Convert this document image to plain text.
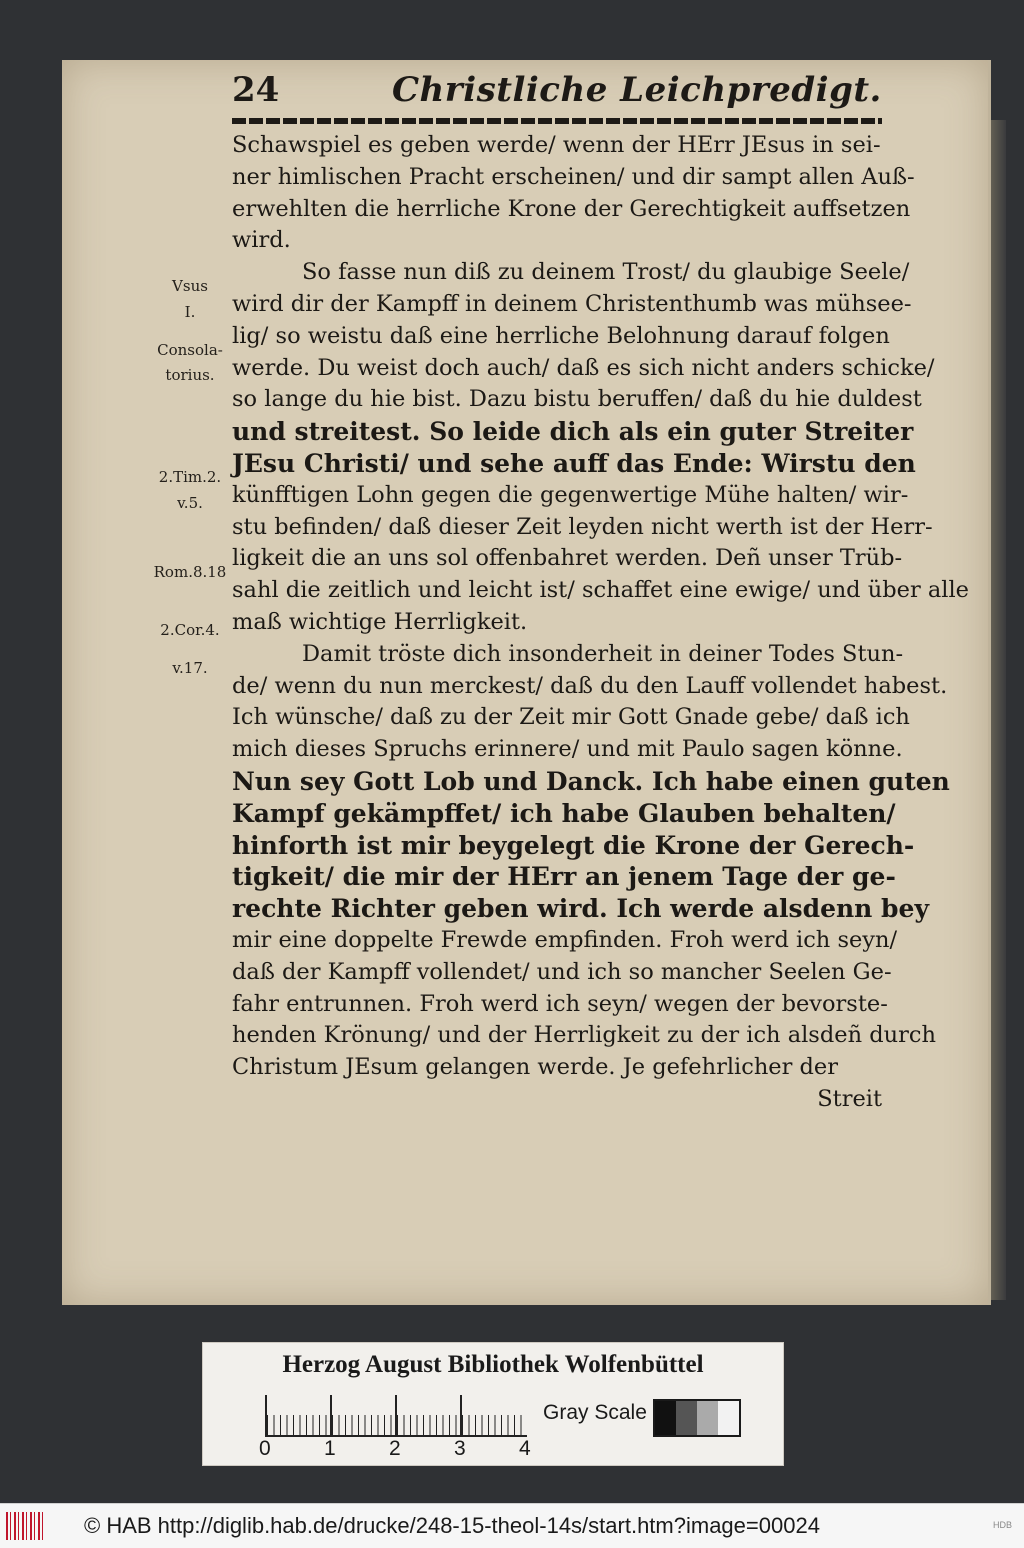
24	Christliche Leichpredigt.
Schawspiel es geben werde/ wenn der HErr JEsus in sei-
ner himlischen Pracht erscheinen/ und dir sampt allen Auß-
erwehlten die herrliche Krone der Gerechtigkeit auffsetzen
wird.
So fasse nun diß zu deinem Trost/ du glaubige Seele/
wird dir der Kampff in deinem Christenthumb was mühsee-
lig/ so weistu daß eine herrliche Belohnung darauf folgen
werde. Du weist doch auch/ daß es sich nicht anders schicke/
so lange du hie bist. Dazu bistu beruffen/ daß du hie duldest
und streitest. So leide dich als ein guter Streiter
JEsu Christi/ und sehe auff das Ende: Wirstu den
künfftigen Lohn gegen die gegenwertige Mühe halten/ wir-
stu befinden/ daß dieser Zeit leyden nicht werth ist der Herr-
ligkeit die an uns sol offenbahret werden. Deñ unser Trüb-
sahl die zeitlich und leicht ist/ schaffet eine ewige/ und über alle
maß wichtige Herrligkeit.
Damit tröste dich insonderheit in deiner Todes Stun-
de/ wenn du nun merckest/ daß du den Lauff vollendet habest.
Ich wünsche/ daß zu der Zeit mir Gott Gnade gebe/ daß ich
mich dieses Spruchs erinnere/ und mit Paulo sagen könne.
Nun sey Gott Lob und Danck. Ich habe einen guten
Kampf gekämpffet/ ich habe Glauben behalten/
hinforth ist mir beygelegt die Krone der Gerech-
tigkeit/ die mir der HErr an jenem Tage der ge-
rechte Richter geben wird. Ich werde alsdenn bey
mir eine doppelte Frewde empfinden. Froh werd ich seyn/
daß der Kampff vollendet/ und ich so mancher Seelen Ge-
fahr entrunnen. Froh werd ich seyn/ wegen der bevorste-
henden Krönung/ und der Herrligkeit zu der ich alsdeñ durch
Christum JEsum gelangen werde. Je gefehrlicher der
Streit
Vsus
I.
Consola-
torius.
2.Tim.2.
v.5.
Rom.8.18
2.Cor.4.
v.17.
Herzog August Bibliothek Wolfenbüttel
0	1	2	3	4
Gray Scale
© HAB http://diglib.hab.de/drucke/248-15-theol-14s/start.htm?image=00024	HDB
